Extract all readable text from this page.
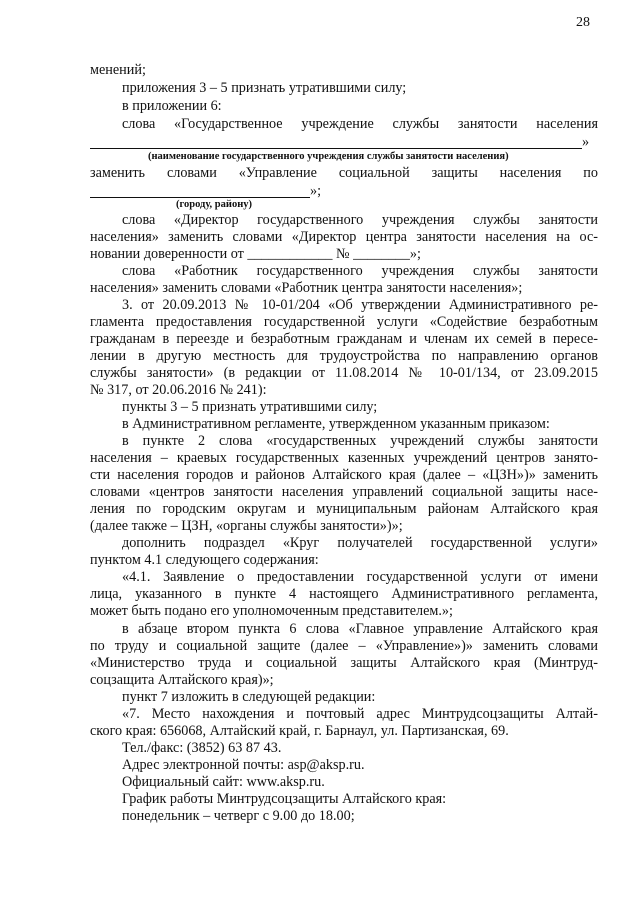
28
менений;
приложения 3 – 5 признать утратившими силу;
в приложении 6:
слова «Государственное учреждение службы занятости населения
»
(наименование государственного учреждения службы занятости населения)
заменить словами «Управление социальной защиты населения по
»;
(городу, району)
слова «Директор государственного учреждения службы занятости
населения» заменить словами «Директор центра занятости населения на ос-
новании доверенности от ____________ № ________»;
слова «Работник государственного учреждения службы занятости
населения» заменить словами «Работник центра занятости населения»;
3. от 20.09.2013 № 10-01/204 «Об утверждении Административного ре-
гламента предоставления государственной услуги «Содействие безработным
гражданам в переезде и безработным гражданам и членам их семей в пересе-
лении в другую местность для трудоустройства по направлению органов
службы занятости» (в редакции от 11.08.2014 № 10-01/134, от 23.09.2015
№ 317, от 20.06.2016 № 241):
пункты 3 – 5 признать утратившими силу;
в Административном регламенте, утвержденном указанным приказом:
в пункте 2 слова «государственных учреждений службы занятости
населения – краевых государственных казенных учреждений центров занято-
сти населения городов и районов Алтайского края (далее – «ЦЗН»)» заменить
словами «центров занятости населения управлений социальной защиты насе-
ления по городским округам и муниципальным районам Алтайского края
(далее также – ЦЗН, «органы службы занятости»)»;
дополнить подраздел «Круг получателей государственной услуги»
пунктом 4.1 следующего содержания:
«4.1. Заявление о предоставлении государственной услуги от имени
лица, указанного в пункте 4 настоящего Административного регламента,
может быть подано его уполномоченным представителем.»;
в абзаце втором пункта 6 слова «Главное управление Алтайского края
по труду и социальной защите (далее – «Управление»)» заменить словами
«Министерство труда и социальной защиты Алтайского края (Минтруд-
соцзащита Алтайского края)»;
пункт 7 изложить в следующей редакции:
«7. Место нахождения и почтовый адрес Минтрудсоцзащиты Алтай-
ского края: 656068, Алтайский край, г. Барнаул, ул. Партизанская, 69.
Тел./факс: (3852) 63 87 43.
Адрес электронной почты: asp@aksp.ru.
Официальный сайт: www.aksp.ru.
График работы Минтрудсоцзащиты Алтайского края:
понедельник – четверг с 9.00 до 18.00;
